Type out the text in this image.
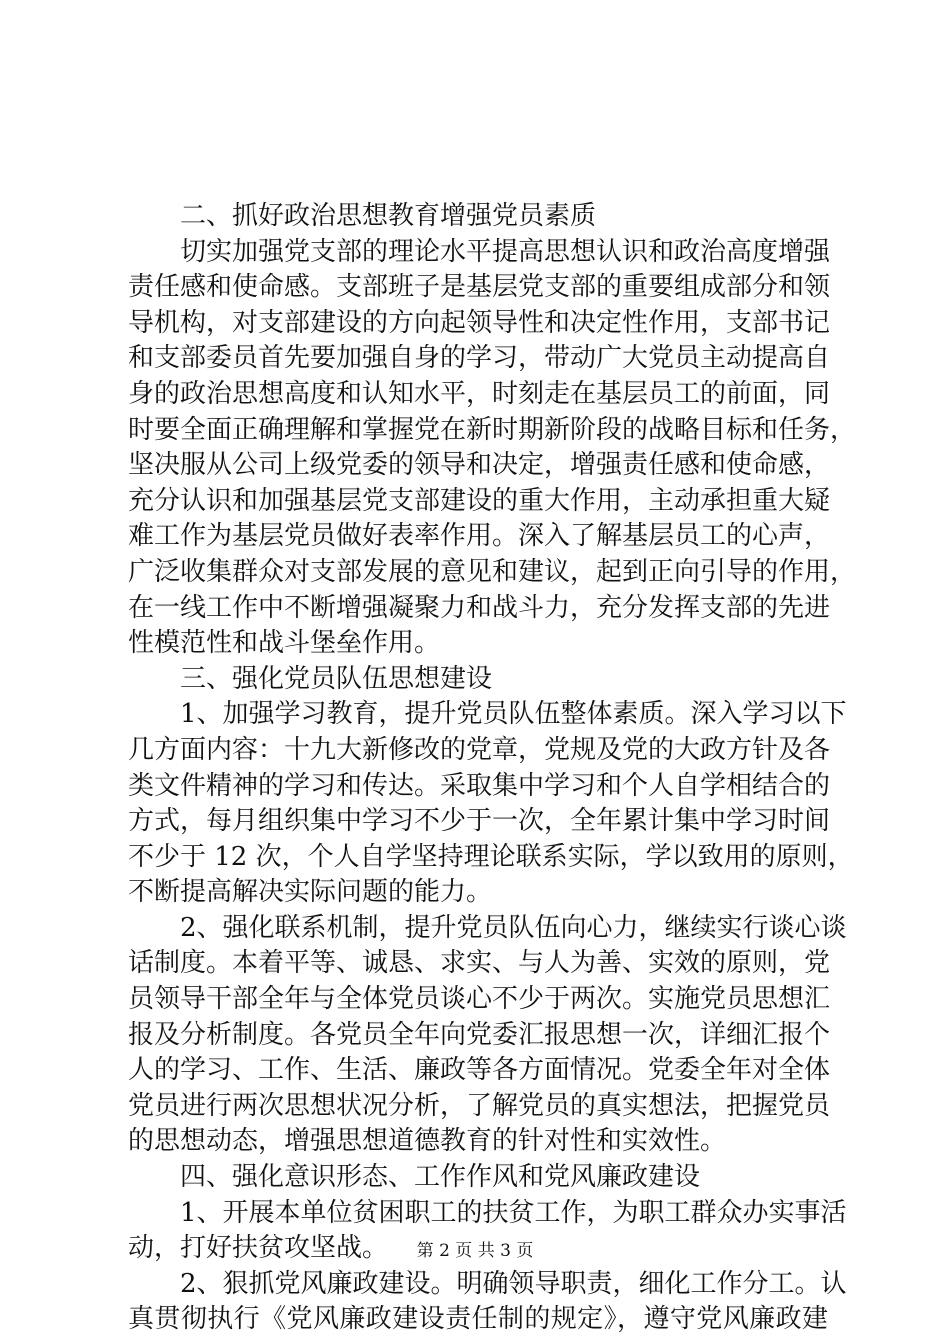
二、抓好政治思想教育增强党员素质
切实加强党支部的理论水平提高思想认识和政治高度增强
责任感和使命感。支部班子是基层党支部的重要组成部分和领
导机构，对支部建设的方向起领导性和决定性作用，支部书记
和支部委员首先要加强自身的学习，带动广大党员主动提高自
身的政治思想高度和认知水平，时刻走在基层员工的前面，同
时要全面正确理解和掌握党在新时期新阶段的战略目标和任务，
坚决服从公司上级党委的领导和决定，增强责任感和使命感，
充分认识和加强基层党支部建设的重大作用，主动承担重大疑
难工作为基层党员做好表率作用。深入了解基层员工的心声，
广泛收集群众对支部发展的意见和建议，起到正向引导的作用，
在一线工作中不断增强凝聚力和战斗力，充分发挥支部的先进
性模范性和战斗堡垒作用。
三、强化党员队伍思想建设
1、加强学习教育，提升党员队伍整体素质。深入学习以下
几方面内容：十九大新修改的党章，党规及党的大政方针及各
类文件精神的学习和传达。采取集中学习和个人自学相结合的
方式，每月组织集中学习不少于一次，全年累计集中学习时间
不少于 12 次，个人自学坚持理论联系实际，学以致用的原则，
不断提高解决实际问题的能力。
2、强化联系机制，提升党员队伍向心力，继续实行谈心谈
话制度。本着平等、诚恳、求实、与人为善、实效的原则，党
员领导干部全年与全体党员谈心不少于两次。实施党员思想汇
报及分析制度。各党员全年向党委汇报思想一次，详细汇报个
人的学习、工作、生活、廉政等各方面情况。党委全年对全体
党员进行两次思想状况分析，了解党员的真实想法，把握党员
的思想动态，增强思想道德教育的针对性和实效性。
四、强化意识形态、工作作风和党风廉政建设
1、开展本单位贫困职工的扶贫工作，为职工群众办实事活
动，打好扶贫攻坚战。
2、狠抓党风廉政建设。明确领导职责，细化工作分工。认
真贯彻执行《党风廉政建设责任制的规定》，遵守党风廉政建
第 2 页 共 3 页
